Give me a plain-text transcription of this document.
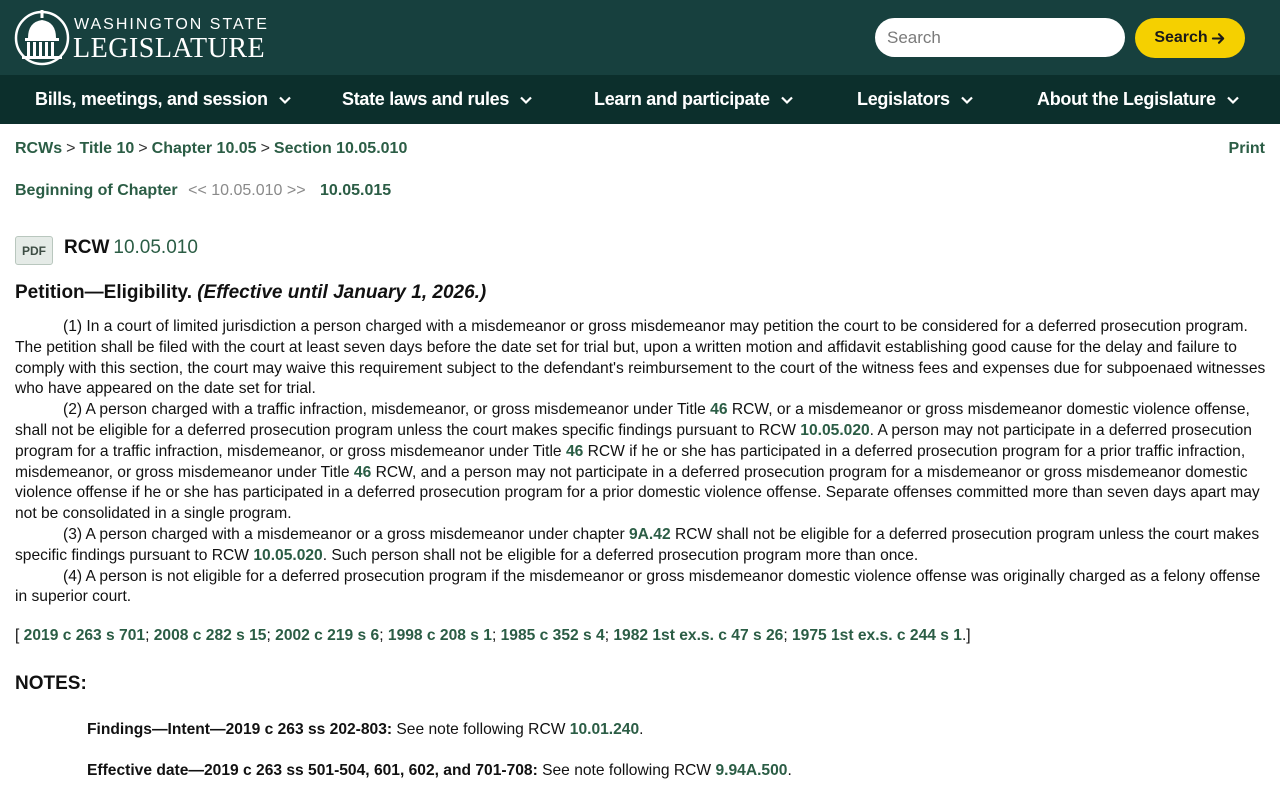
WASHINGTON STATE
LEGISLATURE
Search	Search
Bills, meetings, and session	State laws and rules	Learn and participate	Legislators	About the Legislature
RCWs > Title 10 > Chapter 10.05 > Section 10.05.010	Print
Beginning of Chapter << 10.05.010 >> 10.05.015
PDF RCW 10.05.010
Petition—Eligibility. (Effective until January 1, 2026.)

(1) In a court of limited jurisdiction a person charged with a misdemeanor or gross misdemeanor may petition the court to be considered for a deferred prosecution program. The petition shall be filed with the court at least seven days before the date set for trial but, upon a written motion and affidavit establishing good cause for the delay and failure to comply with this section, the court may waive this requirement subject to the defendant's reimbursement to the court of the witness fees and expenses due for subpoenaed witnesses who have appeared on the date set for trial.

(2) A person charged with a traffic infraction, misdemeanor, or gross misdemeanor under Title 46 RCW, or a misdemeanor or gross misdemeanor domestic violence offense, shall not be eligible for a deferred prosecution program unless the court makes specific findings pursuant to RCW 10.05.020. A person may not participate in a deferred prosecution program for a traffic infraction, misdemeanor, or gross misdemeanor under Title 46 RCW if he or she has participated in a deferred prosecution program for a prior traffic infraction, misdemeanor, or gross misdemeanor under Title 46 RCW, and a person may not participate in a deferred prosecution program for a misdemeanor or gross misdemeanor domestic violence offense if he or she has participated in a deferred prosecution program for a prior domestic violence offense. Separate offenses committed more than seven days apart may not be consolidated in a single program.

(3) A person charged with a misdemeanor or a gross misdemeanor under chapter 9A.42 RCW shall not be eligible for a deferred prosecution program unless the court makes specific findings pursuant to RCW 10.05.020. Such person shall not be eligible for a deferred prosecution program more than once.

(4) A person is not eligible for a deferred prosecution program if the misdemeanor or gross misdemeanor domestic violence offense was originally charged as a felony offense in superior court.

[ 2019 c 263 s 701; 2008 c 282 s 15; 2002 c 219 s 6; 1998 c 208 s 1; 1985 c 352 s 4; 1982 1st ex.s. c 47 s 26; 1975 1st ex.s. c 244 s 1.]
NOTES:
Findings—Intent—2019 c 263 ss 202-803: See note following RCW 10.01.240.
Effective date—2019 c 263 ss 501-504, 601, 602, and 701-708: See note following RCW 9.94A.500.
